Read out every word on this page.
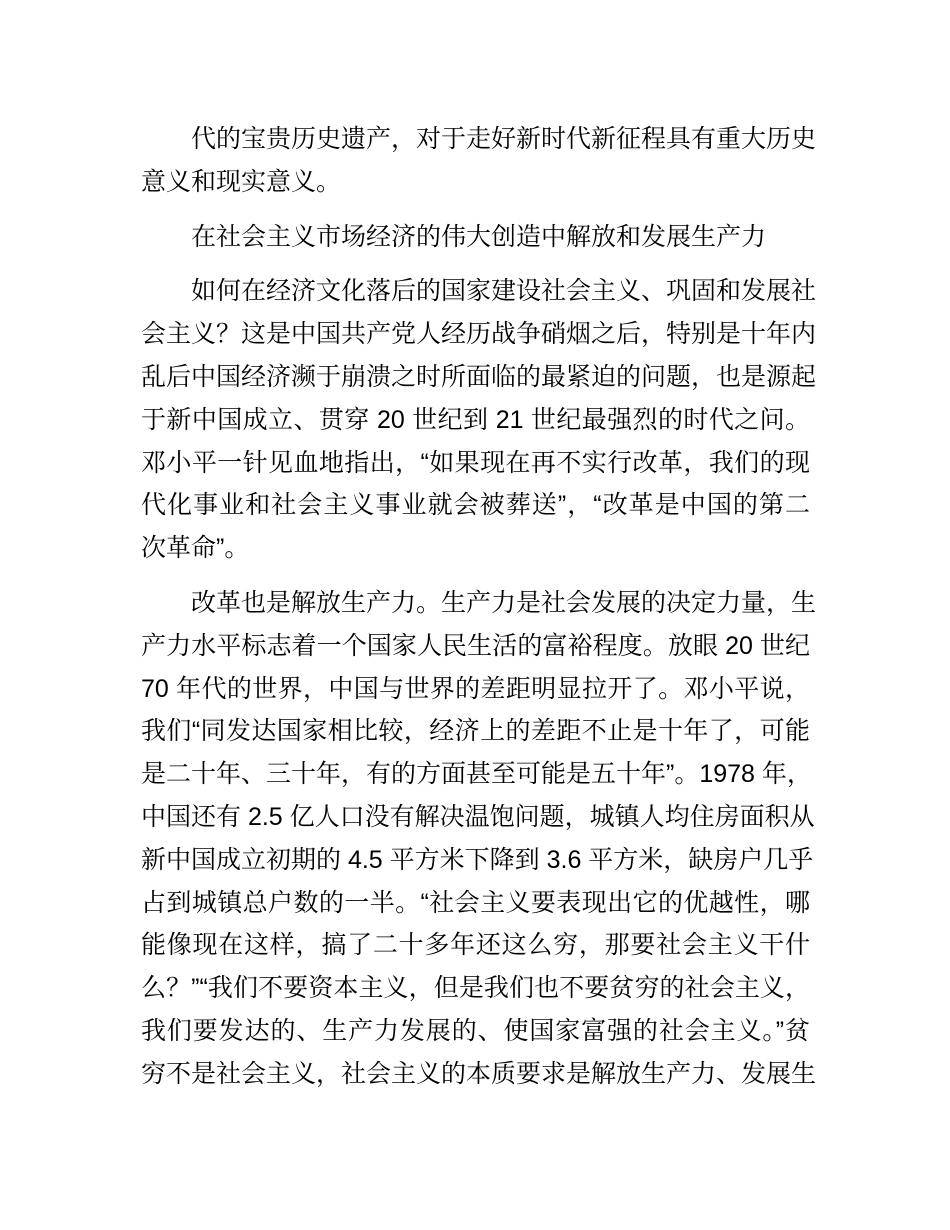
代的宝贵历史遗产，对于走好新时代新征程具有重大历史
意义和现实意义。
在社会主义市场经济的伟大创造中解放和发展生产力
如何在经济文化落后的国家建设社会主义、巩固和发展社
会主义？这是中国共产党人经历战争硝烟之后，特别是十年内
乱后中国经济濒于崩溃之时所面临的最紧迫的问题，也是源起
于新中国成立、贯穿 20 世纪到 21 世纪最强烈的时代之问。
邓小平一针见血地指出，“如果现在再不实行改革，我们的现
代化事业和社会主义事业就会被葬送”，“改革是中国的第二
次革命”。
改革也是解放生产力。生产力是社会发展的决定力量，生
产力水平标志着一个国家人民生活的富裕程度。放眼 20 世纪
70 年代的世界，中国与世界的差距明显拉开了。邓小平说，
我们“同发达国家相比较，经济上的差距不止是十年了，可能
是二十年、三十年，有的方面甚至可能是五十年”。1978 年，
中国还有 2.5 亿人口没有解决温饱问题，城镇人均住房面积从
新中国成立初期的 4.5 平方米下降到 3.6 平方米，缺房户几乎
占到城镇总户数的一半。“社会主义要表现出它的优越性，哪
能像现在这样，搞了二十多年还这么穷，那要社会主义干什
么？”“我们不要资本主义，但是我们也不要贫穷的社会主义，
我们要发达的、生产力发展的、使国家富强的社会主义。”贫
穷不是社会主义，社会主义的本质要求是解放生产力、发展生
